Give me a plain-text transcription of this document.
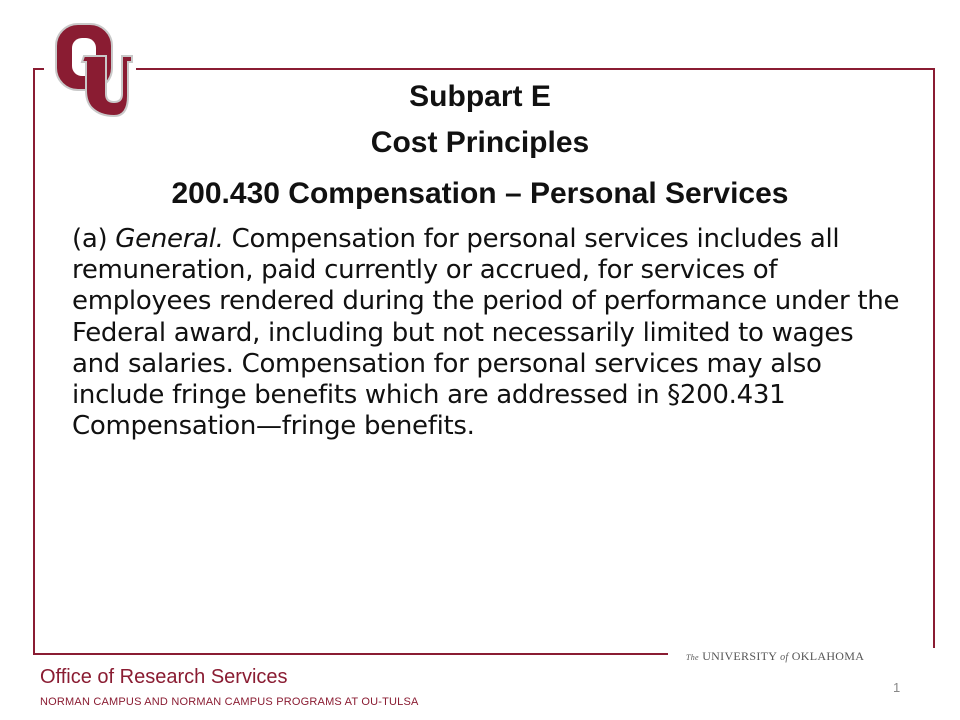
Subpart E
Cost Principles
200.430 Compensation – Personal Services
(a) General. Compensation for personal services includes all remuneration, paid currently or accrued, for services of employees rendered during the period of performance under the Federal award, including but not necessarily limited to wages and salaries. Compensation for personal services may also include fringe benefits which are addressed in §200.431 Compensation—fringe benefits.
The UNIVERSITY of OKLAHOMA
Office of Research Services
NORMAN CAMPUS AND NORMAN CAMPUS PROGRAMS AT OU-TULSA
1
